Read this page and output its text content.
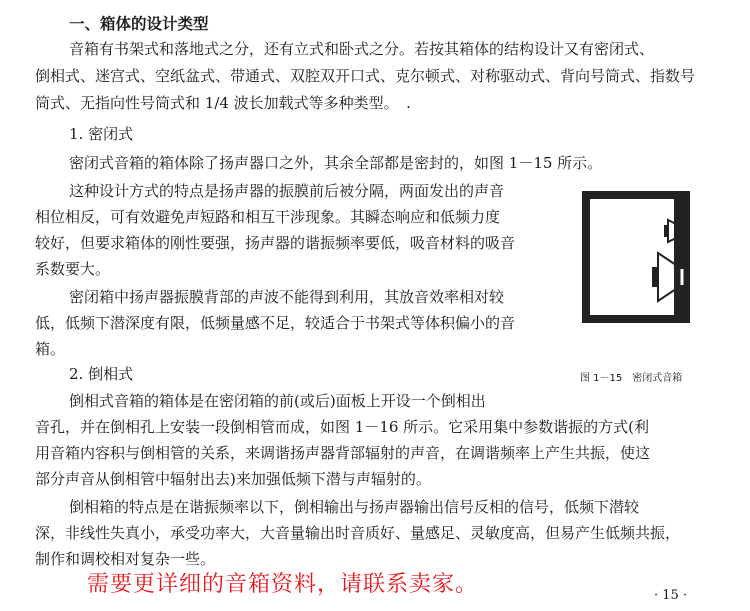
一、箱体的设计类型
音箱有书架式和落地式之分，还有立式和卧式之分。若按其箱体的结构设计又有密闭式、
倒相式、迷宫式、空纸盆式、带通式、双腔双开口式、克尔顿式、对称驱动式、背向号筒式、指数号
筒式、无指向性号筒式和 1/4 波长加载式等多种类型。　.
1. 密闭式
密闭式音箱的箱体除了扬声器口之外，其余全部都是密封的，如图 1－15 所示。
这种设计方式的特点是扬声器的振膜前后被分隔，两面发出的声音
相位相反，可有效避免声短路和相互干涉现象。其瞬态响应和低频力度
较好，但要求箱体的刚性要强，扬声器的谐振频率要低，吸音材料的吸音
系数要大。
密闭箱中扬声器振膜背部的声波不能得到利用，其放音效率相对较
低，低频下潜深度有限，低频量感不足，较适合于书架式等体积偏小的音
箱。
图 1－15　密闭式音箱
2. 倒相式
倒相式音箱的箱体是在密闭箱的前(或后)面板上开设一个倒相出
音孔，并在倒相孔上安装一段倒相管而成，如图 1－16 所示。它采用集中参数谐振的方式(利
用音箱内容积与倒相管的关系，来调谐扬声器背部辐射的声音，在调谐频率上产生共振，使这
部分声音从倒相管中辐射出去)来加强低频下潜与声辐射的。
倒相箱的特点是在谐振频率以下，倒相输出与扬声器输出信号反相的信号，低频下潜较
深，非线性失真小，承受功率大，大音量输出时音质好、量感足、灵敏度高，但易产生低频共振，
制作和调校相对复杂一些。
需要更详细的音箱资料，请联系卖家。	· 15 ·
